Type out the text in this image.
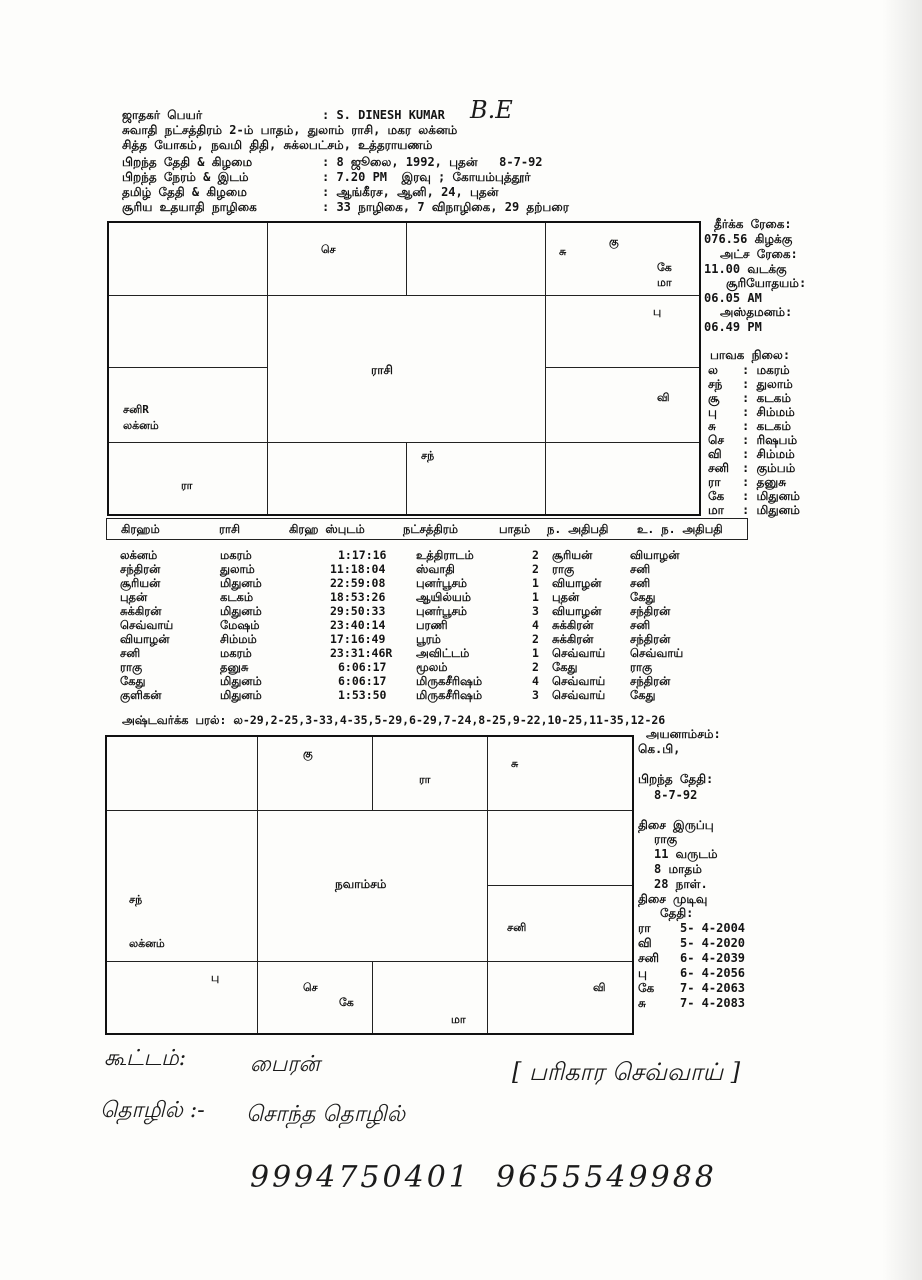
ஜாதகர் பெயர்	: S. DINESH KUMAR
சுவாதி நட்சத்திரம் 2-ம் பாதம், துலாம் ராசி, மகர லக்னம்
சித்த யோகம், நவமி திதி, சுக்லபட்சம், உத்தராயணம்
பிறந்த தேதி & கிழமை	: 8 ஜூலை, 1992, புதன்   8-7-92
பிறந்த நேரம் & இடம்	: 7.20 PM  இரவு ; கோயம்புத்தூர்
தமிழ் தேதி & கிழமை	: ஆங்கீரச, ஆனி, 24, புதன்
சூரிய உதயாதி நாழிகை	: 33 நாழிகை, 7 விநாழிகை, 29 தற்பரை
B.E
ராசி
செ	சு
கு
கே
மா
பு
வி
சனிR
லக்னம்
சந்
ரா
தீர்க்க ரேகை:
076.56 கிழக்கு
அட்ச ரேகை:
11.00 வடக்கு
சூரியோதயம்:
06.05 AM
அஸ்தமனம்:
06.49 PM
பாவக நிலை:
ல : மகரம்
சந் : துலாம்
சூ : கடகம்
பு : சிம்மம்
சு : கடகம்
செ : ரிஷபம்
வி : சிம்மம்
சனி : கும்பம்
ரா : தனுசு
கே : மிதுனம்
மா : மிதுனம்
கிரஹம்	ராசி	கிரஹ ஸ்புடம்	நட்சத்திரம்	பாதம் ந. அதிபதி உ. ந. அதிபதி
லக்னம்	மகரம்	1:17:16	உத்திராடம்	2 சூரியன்	வியாழன்
சந்திரன்	துலாம்	11:18:04	ஸ்வாதி	2 ராகு	சனி
சூரியன்	மிதுனம்	22:59:08	புனர்பூசம்	1 வியாழன் சனி
புதன்	கடகம்	18:53:26	ஆயில்யம்	1 புதன்	கேது
சுக்கிரன்	மிதுனம்	29:50:33	புனர்பூசம்	3 வியாழன் சந்திரன்
செவ்வாய்	மேஷம்	23:40:14	பரணி	4 சுக்கிரன்	சனி
வியாழன்	சிம்மம்	17:16:49	பூரம்	2 சுக்கிரன்	சந்திரன்
சனி	மகரம்	23:31:46R அவிட்டம்	1 செவ்வாய் செவ்வாய்
ராகு	தனுசு	6:06:17	மூலம்	2 கேது	ராகு
கேது	மிதுனம்	6:06:17	மிருகசீரிஷம்	4 செவ்வாய் சந்திரன்
குளிகன்	மிதுனம்	1:53:50	மிருகசீரிஷம்	3 செவ்வாய் கேது
அஷ்டவர்க்க பரல்: ல-29,2-25,3-33,4-35,5-29,6-29,7-24,8-25,9-22,10-25,11-35,12-26
நவாம்சம்
கு
ரா
சு
சந்
லக்னம்
சனி
பு
செ
கே
மா
வி
அயனாம்சம்:
கெ.பி,
பிறந்த தேதி:
8-7-92
திசை இருப்பு
ராகு
11 வருடம்
8 மாதம்
28 நாள்.
திசை முடிவு
தேதி:
ரா 5- 4-2004
வி 5- 4-2020
சனி 6- 4-2039
பு	6- 4-2056
கே 7- 4-2063
சு	7- 4-2083
கூட்டம்:	பைரன்	[ பரிகார செவ்வாய் ]
தொழில் :- சொந்த தொழில்
9994750401 9655549988
